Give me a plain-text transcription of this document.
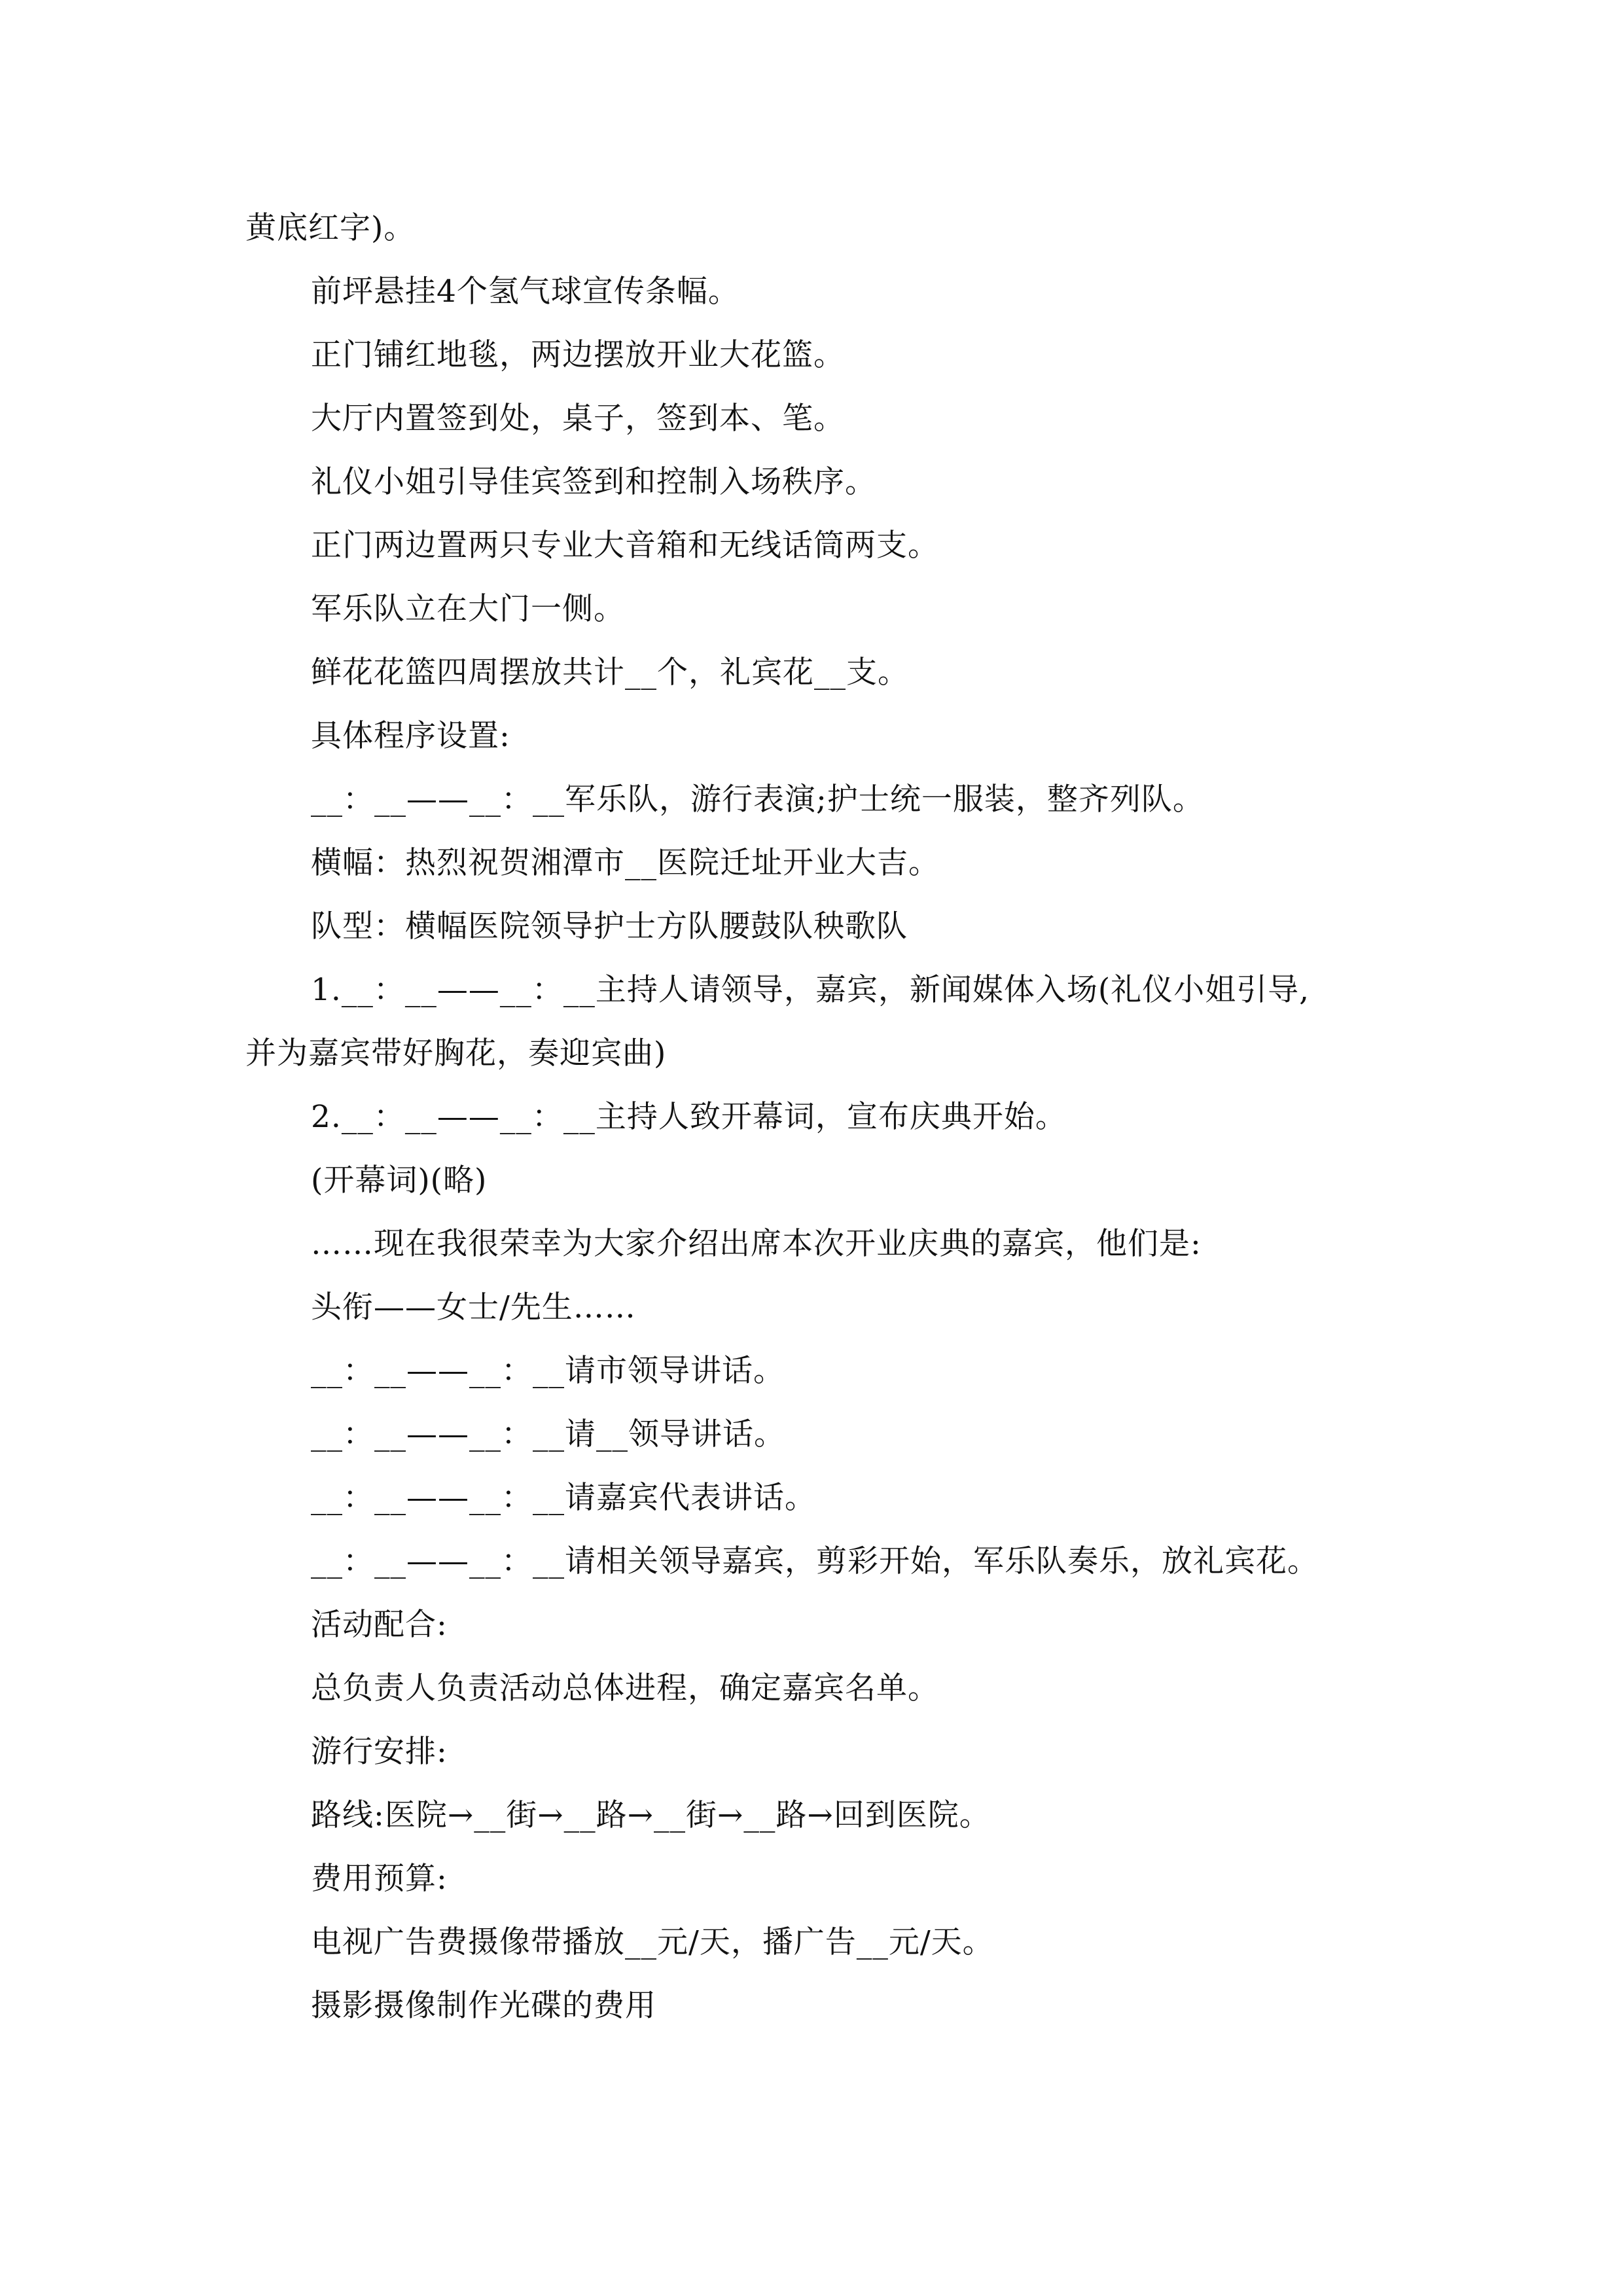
黄底红字)。
前坪悬挂4个氢气球宣传条幅。
正门铺红地毯，两边摆放开业大花篮。
大厅内置签到处，桌子，签到本、笔。
礼仪小姐引导佳宾签到和控制入场秩序。
正门两边置两只专业大音箱和无线话筒两支。
军乐队立在大门一侧。
鲜花花篮四周摆放共计__个，礼宾花__支。
具体程序设置:
__：__——__：__军乐队，游行表演;护士统一服装，整齐列队。
横幅：热烈祝贺湘潭市__医院迁址开业大吉。
队型：横幅医院领导护士方队腰鼓队秧歌队
1.__：__——__：__主持人请领导，嘉宾，新闻媒体入场(礼仪小姐引导,
并为嘉宾带好胸花，奏迎宾曲)
2.__：__——__：__主持人致开幕词，宣布庆典开始。
(开幕词)(略)
……现在我很荣幸为大家介绍出席本次开业庆典的嘉宾，他们是:
头衔——女士/先生……
__：__——__：__请市领导讲话。
__：__——__：__请__领导讲话。
__：__——__：__请嘉宾代表讲话。
__：__——__：__请相关领导嘉宾，剪彩开始，军乐队奏乐，放礼宾花。
活动配合:
总负责人负责活动总体进程，确定嘉宾名单。
游行安排:
路线:医院→__街→__路→__街→__路→回到医院。
费用预算:
电视广告费摄像带播放__元/天，播广告__元/天。
摄影摄像制作光碟的费用
